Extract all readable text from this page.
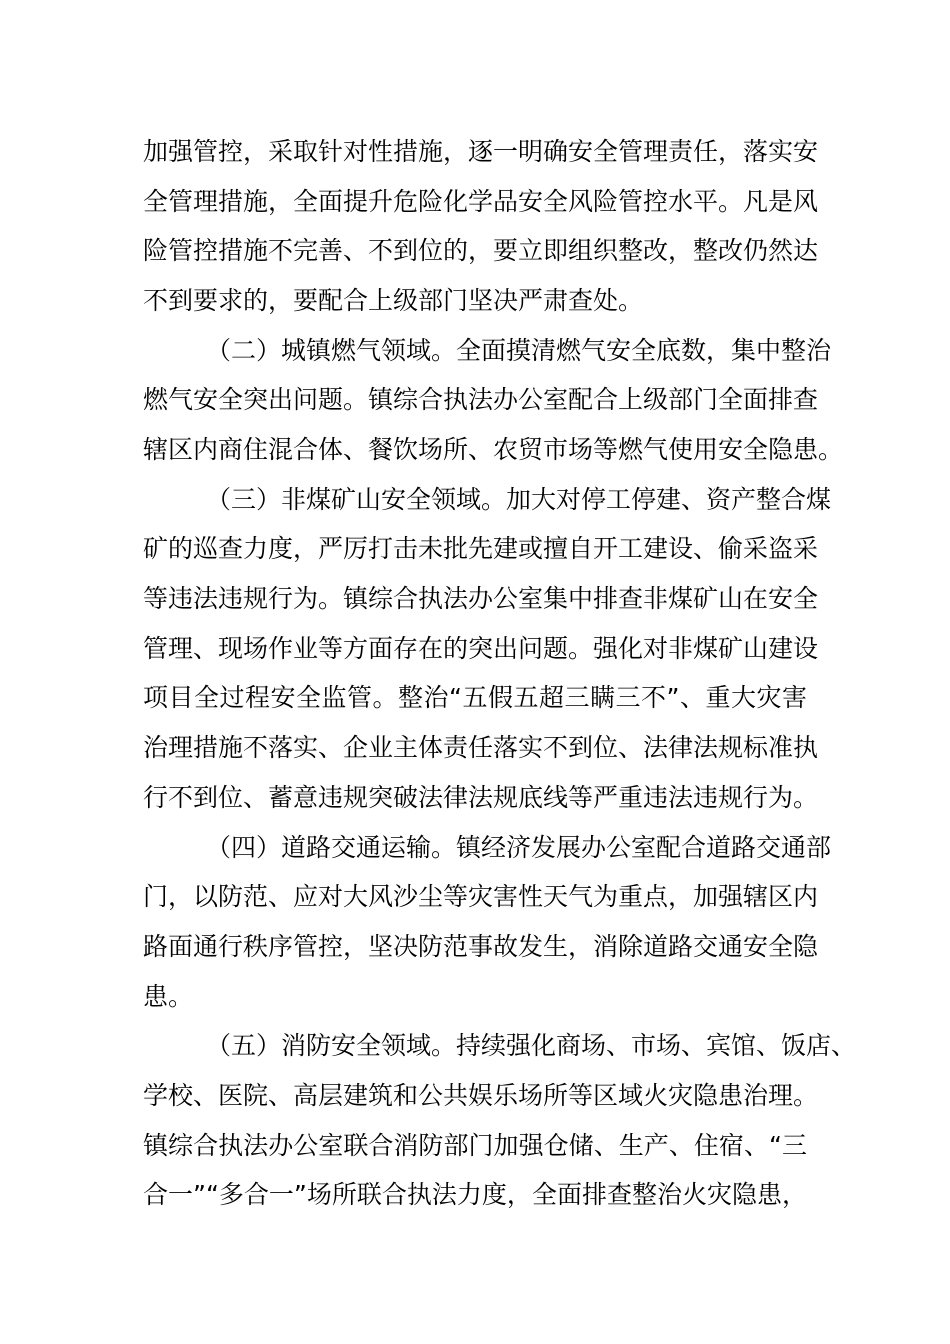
加强管控，采取针对性措施，逐一明确安全管理责任，落实安
全管理措施，全面提升危险化学品安全风险管控水平。凡是风
险管控措施不完善、不到位的，要立即组织整改，整改仍然达
不到要求的，要配合上级部门坚决严肃查处。
（二）城镇燃气领域。全面摸清燃气安全底数，集中整治
燃气安全突出问题。镇综合执法办公室配合上级部门全面排查
辖区内商住混合体、餐饮场所、农贸市场等燃气使用安全隐患。
（三）非煤矿山安全领域。加大对停工停建、资产整合煤
矿的巡查力度，严厉打击未批先建或擅自开工建设、偷采盗采
等违法违规行为。镇综合执法办公室集中排查非煤矿山在安全
管理、现场作业等方面存在的突出问题。强化对非煤矿山建设
项目全过程安全监管。整治“五假五超三瞒三不”、重大灾害
治理措施不落实、企业主体责任落实不到位、法律法规标准执
行不到位、蓄意违规突破法律法规底线等严重违法违规行为。
（四）道路交通运输。镇经济发展办公室配合道路交通部
门，以防范、应对大风沙尘等灾害性天气为重点，加强辖区内
路面通行秩序管控，坚决防范事故发生，消除道路交通安全隐
患。
（五）消防安全领域。持续强化商场、市场、宾馆、饭店、
学校、医院、高层建筑和公共娱乐场所等区域火灾隐患治理。
镇综合执法办公室联合消防部门加强仓储、生产、住宿、“三
合一”“多合一”场所联合执法力度，全面排查整治火灾隐患，
